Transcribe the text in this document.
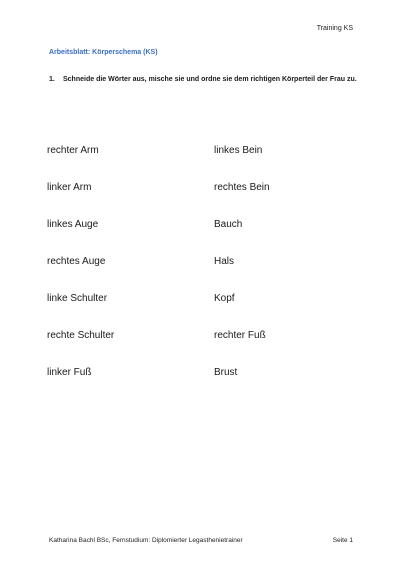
Training KS
Arbeitsblatt: Körperschema (KS)
1.	Schneide die Wörter aus, mische sie und ordne sie dem richtigen Körperteil der Frau zu.
rechter Arm	linkes Bein
linker Arm	rechtes Bein
linkes Auge	Bauch
rechtes Auge	Hals
linke Schulter	Kopf
rechte Schulter	rechter Fuß
linker Fuß	Brust
Katharina Bachl BSc, Fernstudium: Diplomierter Legasthenietrainer	Seite 1
